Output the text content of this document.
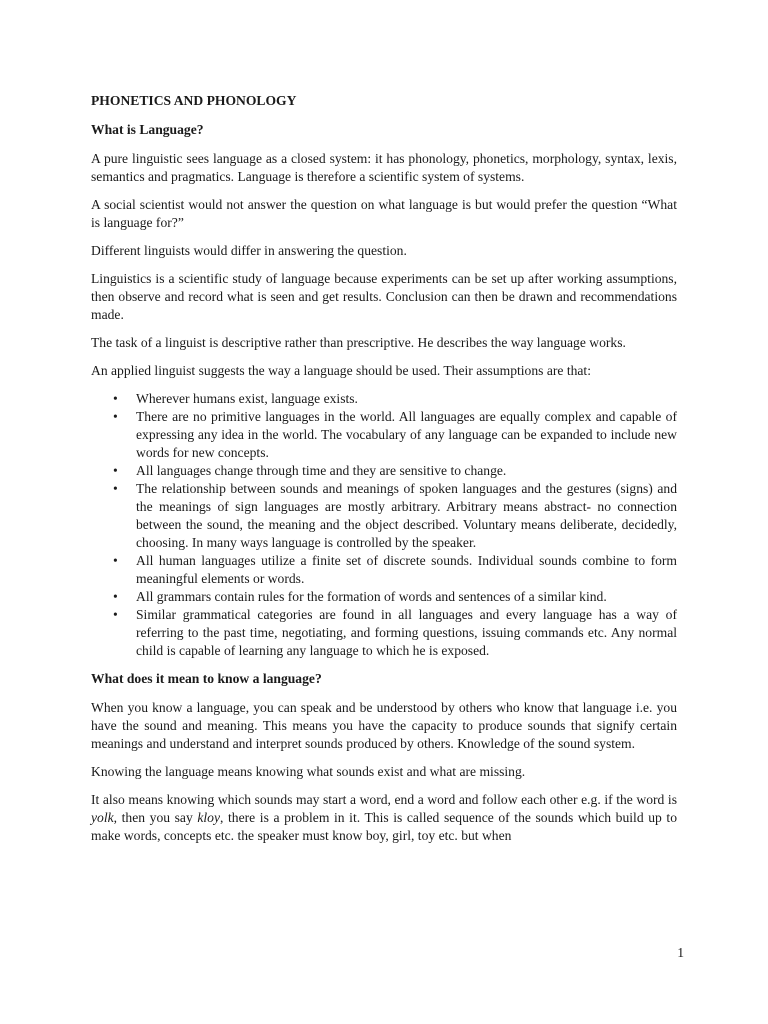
PHONETICS AND PHONOLOGY
What is Language?

A pure linguistic sees language as a closed system: it has phonology, phonetics, morphology, syntax, lexis, semantics and pragmatics. Language is therefore a scientific system of systems.

A social scientist would not answer the question on what language is but would prefer the question “What is language for?”

Different linguists would differ in answering the question.

Linguistics is a scientific study of language because experiments can be set up after working assumptions, then observe and record what is seen and get results. Conclusion can then be drawn and recommendations made.

The task of a linguist is descriptive rather than prescriptive. He describes the way language works.

An applied linguist suggests the way a language should be used. Their assumptions are that:

• Wherever humans exist, language exists.
• There are no primitive languages in the world. All languages are equally complex and capable of expressing any idea in the world. The vocabulary of any language can be expanded to include new words for new concepts.
• All languages change through time and they are sensitive to change.
• The relationship between sounds and meanings of spoken languages and the gestures (signs) and the meanings of sign languages are mostly arbitrary. Arbitrary means abstract- no connection between the sound, the meaning and the object described. Voluntary means deliberate, decidedly, choosing. In many ways language is controlled by the speaker.
• All human languages utilize a finite set of discrete sounds. Individual sounds combine to form meaningful elements or words.
• All grammars contain rules for the formation of words and sentences of a similar kind.
• Similar grammatical categories are found in all languages and every language has a way of referring to the past time, negotiating, and forming questions, issuing commands etc. Any normal child is capable of learning any language to which he is exposed.
What does it mean to know a language?

When you know a language, you can speak and be understood by others who know that language i.e. you have the sound and meaning. This means you have the capacity to produce sounds that signify certain meanings and understand and interpret sounds produced by others. Knowledge of the sound system.

Knowing the language means knowing what sounds exist and what are missing.

It also means knowing which sounds may start a word, end a word and follow each other e.g. if the word is yolk, then you say kloy, there is a problem in it. This is called sequence of the sounds which build up to make words, concepts etc. the speaker must know boy, girl, toy etc. but when

1
